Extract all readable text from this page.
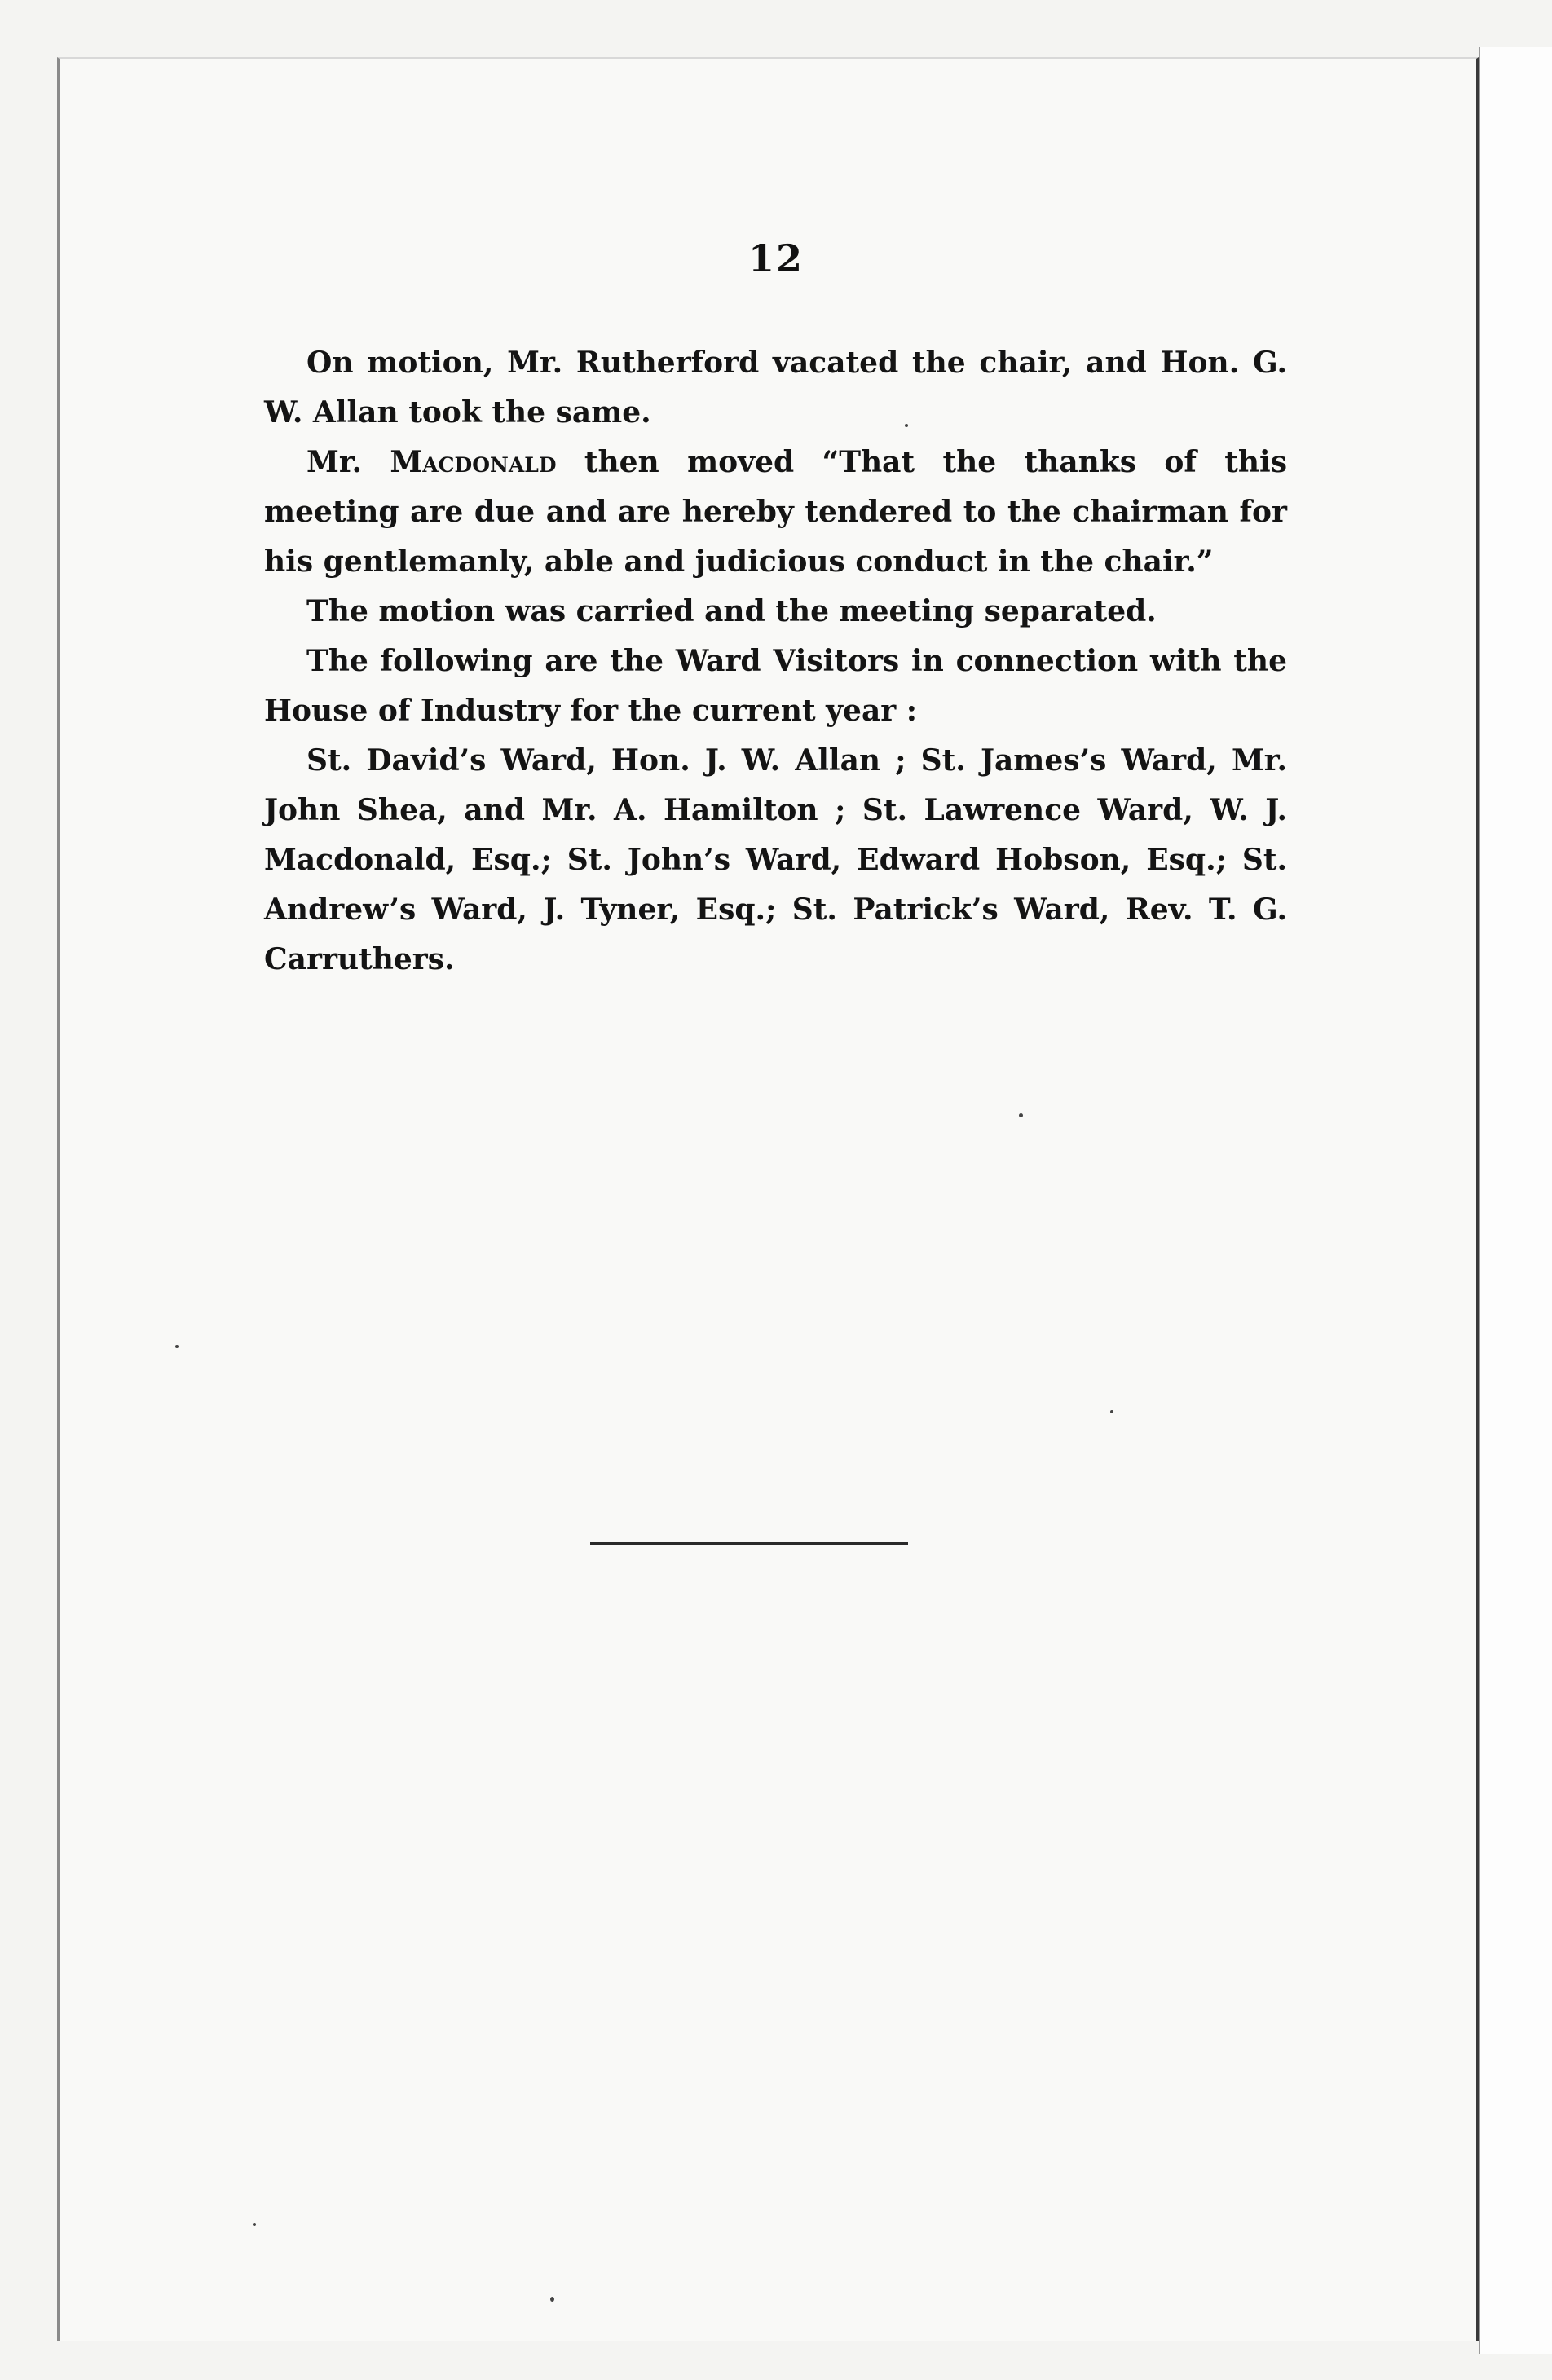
12

On motion, Mr. Rutherford vacated the chair, and Hon. G. W. Allan took the same.

Mr. Macdonald then moved “That the thanks of this meeting are due and are hereby tendered to the chairman for his gentlemanly, able and judicious conduct in the chair.”

The motion was carried and the meeting separated.

The following are the Ward Visitors in connection with the House of Industry for the current year :

St. David’s Ward, Hon. J. W. Allan ; St. James’s Ward, Mr. John Shea, and Mr. A. Hamilton ; St. Lawrence Ward, W. J. Macdonald, Esq.; St. John’s Ward, Edward Hobson, Esq.; St. Andrew’s Ward, J. Tyner, Esq.; St. Patrick’s Ward, Rev. T. G. Carruthers.
